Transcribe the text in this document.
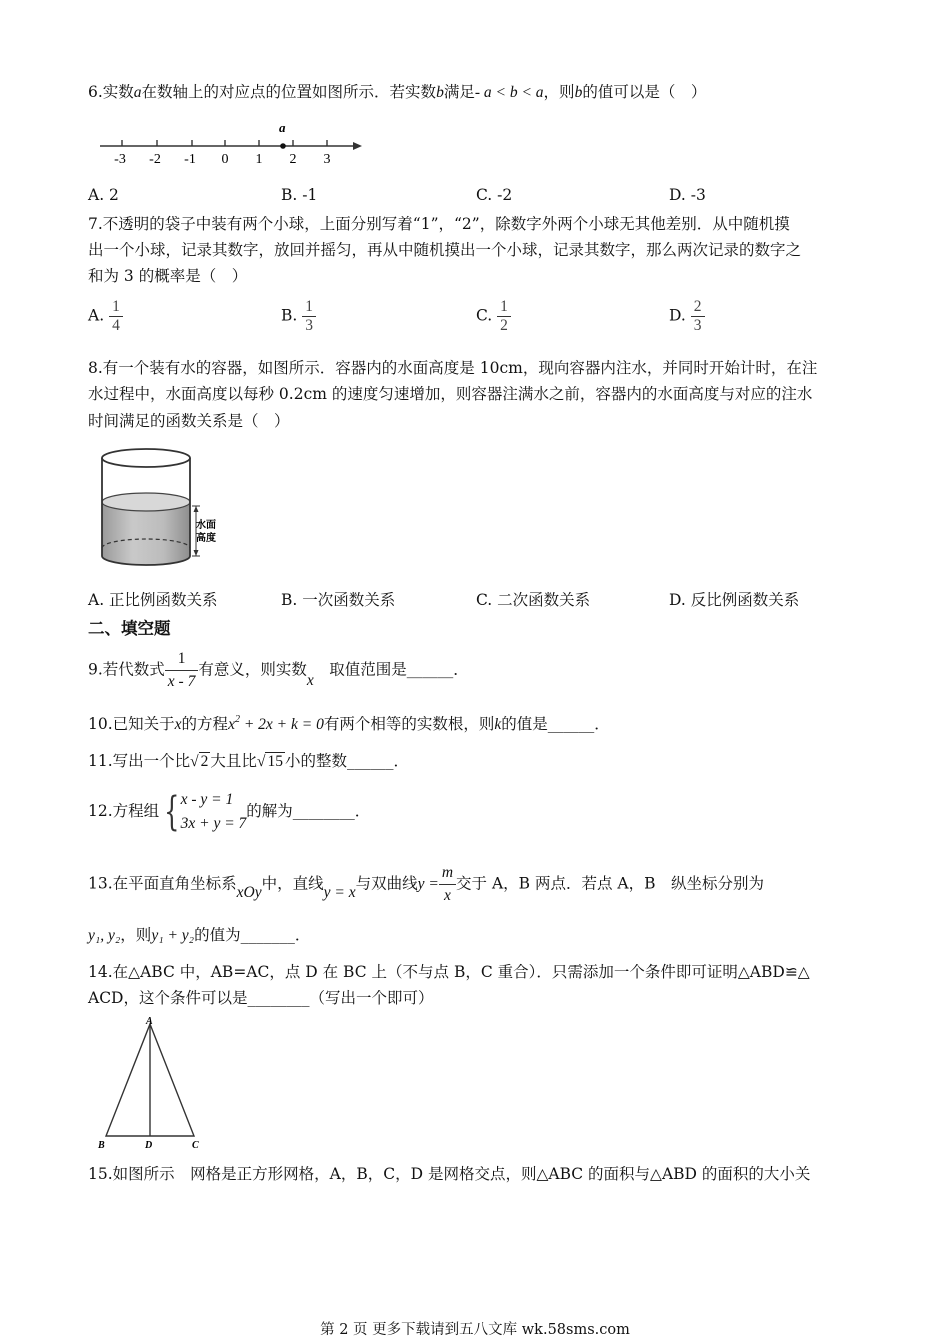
6.实数a在数轴上的对应点的位置如图所示．若实数b满足- a < b < a，则b的值可以是（　）
a
-3 -2 -1 0 1 2 3
A. 2	B. -1	C. -2	D. -3
7.不透明的袋子中装有两个小球，上面分别写着“1”，“2”，除数字外两个小球无其他差别．从中随机摸
出一个小球，记录其数字，放回并摇匀，再从中随机摸出一个小球，记录其数字，那么两次记录的数字之
和为 3 的概率是（　）
A. $\frac{1}{4}$	B. $\frac{1}{3}$	C. $\frac{1}{2}$	D. $\frac{2}{3}$
8.有一个装有水的容器，如图所示．容器内的水面高度是 10cm，现向容器内注水，并同时开始计时，在注
水过程中，水面高度以每秒 0.2cm 的速度匀速增加，则容器注满水之前，容器内的水面高度与对应的注水
时间满足的函数关系是（　）
水面
高度
A. 正比例函数关系	B. 一次函数关系	C. 二次函数关系	D. 反比例函数关系
二、填空题
9.若代数式 $\frac{1}{x - 7}$ 有意义，则实数x　取值范围是______．
10.已知关于x的方程$x^2 + 2x + k = 0$有两个相等的实数根，则k的值是______．
11.写出一个比√ 2 大且比√ 15 小的整数______．
12.方程组 { x - y = 1
3x + y = 7
的解为________．
13.在平面直角坐标系xOy中，直线y = x与双曲线$y = \frac{m}{x}$ 交于 A，B 两点．若点 A，B　纵坐标分别为
y₁, y₂，则y₁ + y₂的值为_______．
14.在△ABC 中，AB=AC，点 D 在 BC 上（不与点 B，C 重合）．只需添加一个条件即可证明△ABD≌△
ACD，这个条件可以是________（写出一个即可）
A
B	D	C
15.如图所示　网格是正方形网格，A，B，C，D 是网格交点，则△ABC 的面积与△ABD 的面积的大小关
第 2 页 更多下载请到五八文库 wk.58sms.com
